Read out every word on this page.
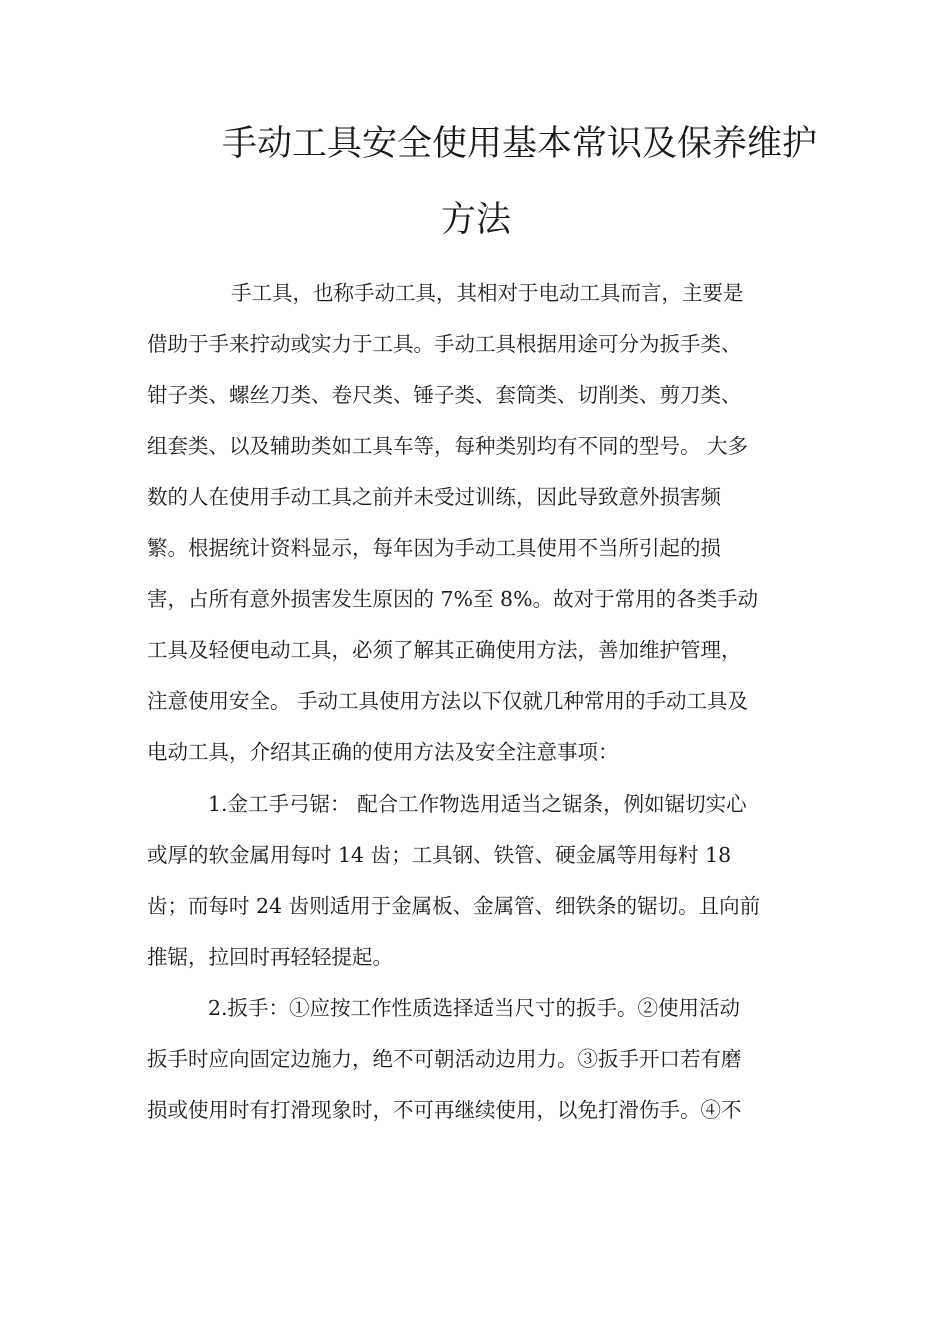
手动工具安全使用基本常识及保养维护
方法
手工具，也称手动工具，其相对于电动工具而言，主要是
借助于手来拧动或实力于工具。手动工具根据用途可分为扳手类、
钳子类、螺丝刀类、卷尺类、锤子类、套筒类、切削类、剪刀类、
组套类、以及辅助类如工具车等，每种类别均有不同的型号。 大多
数的人在使用手动工具之前并未受过训练，因此导致意外损害频
繁。根据统计资料显示，每年因为手动工具使用不当所引起的损
害，占所有意外损害发生原因的 7%至 8%。故对于常用的各类手动
工具及轻便电动工具，必须了解其正确使用方法，善加维护管理，
注意使用安全。 手动工具使用方法以下仅就几种常用的手动工具及
电动工具，介绍其正确的使用方法及安全注意事项：
1.金工手弓锯： 配合工作物选用适当之锯条，例如锯切实心
或厚的软金属用每吋 14 齿；工具钢、铁管、硬金属等用每籿 18
齿；而每吋 24 齿则适用于金属板、金属管、细铁条的锯切。且向前
推锯，拉回时再轻轻提起。
2.扳手：①应按工作性质选择适当尺寸的扳手。②使用活动
扳手时应向固定边施力，绝不可朝活动边用力。③扳手开口若有磨
损或使用时有打滑现象时，不可再继续使用，以免打滑伤手。④不
